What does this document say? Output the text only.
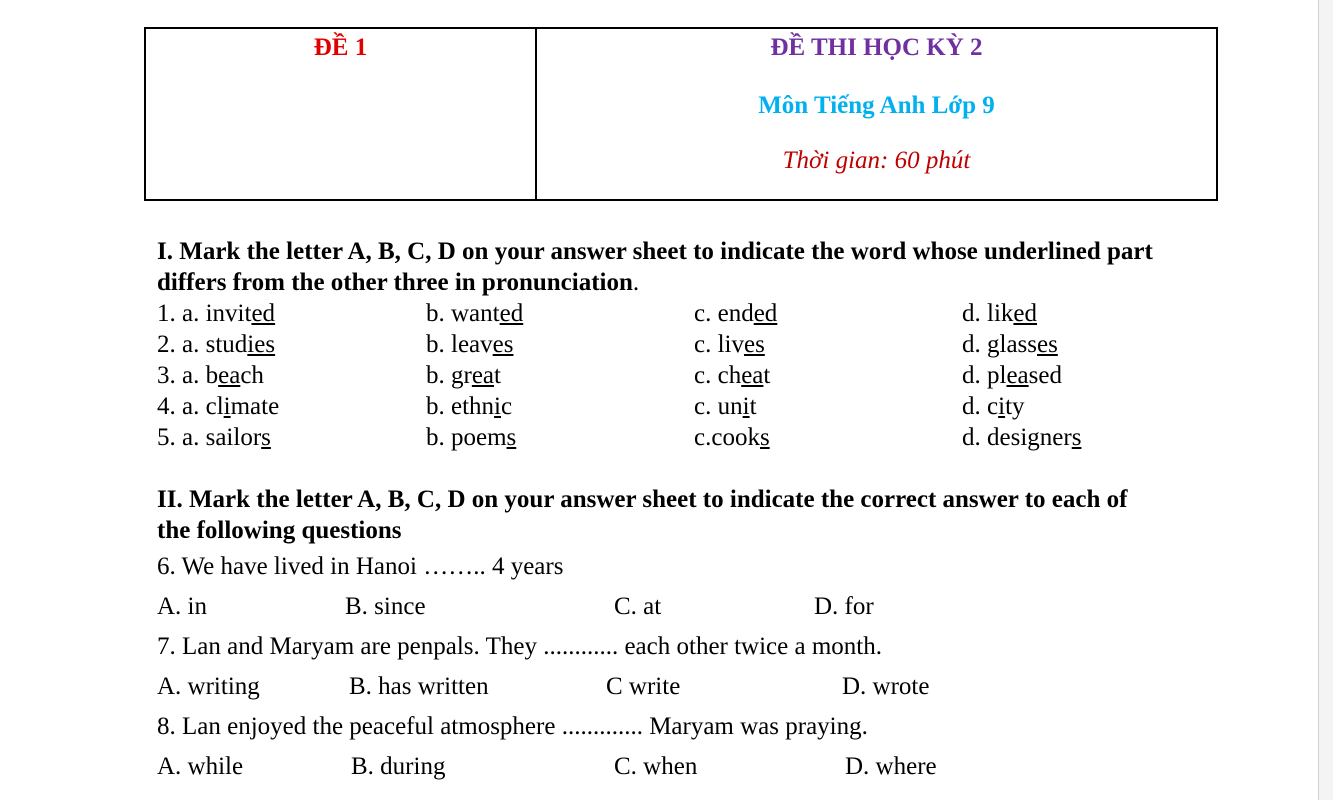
ĐỀ 1	ĐỀ THI HỌC KỲ 2
Môn Tiếng Anh Lớp 9
Thời gian: 60 phút
I. Mark the letter A, B, C, D on your answer sheet to indicate the word whose underlined part
differs from the other three in pronunciation.
1. a. invited	b. wanted	c. ended	d. liked
2. a. studies	b. leaves	c. lives	d. glasses
3. a. beach	b. great	c. cheat	d. pleased
4. a. climate	b. ethnic	c. unit	d. city
5. a. sailors	b. poems	c.cooks	d. designers
II. Mark the letter A, B, C, D on your answer sheet to indicate the correct answer to each of
the following questions
6. We have lived in Hanoi …….. 4 years
A. in	B. since	C. at	D. for
7. Lan and Maryam are penpals. They ............ each other twice a month.
A. writing	B. has written	C write	D. wrote
8. Lan enjoyed the peaceful atmosphere ............. Maryam was praying.
A. while	B. during	C. when	D. where
